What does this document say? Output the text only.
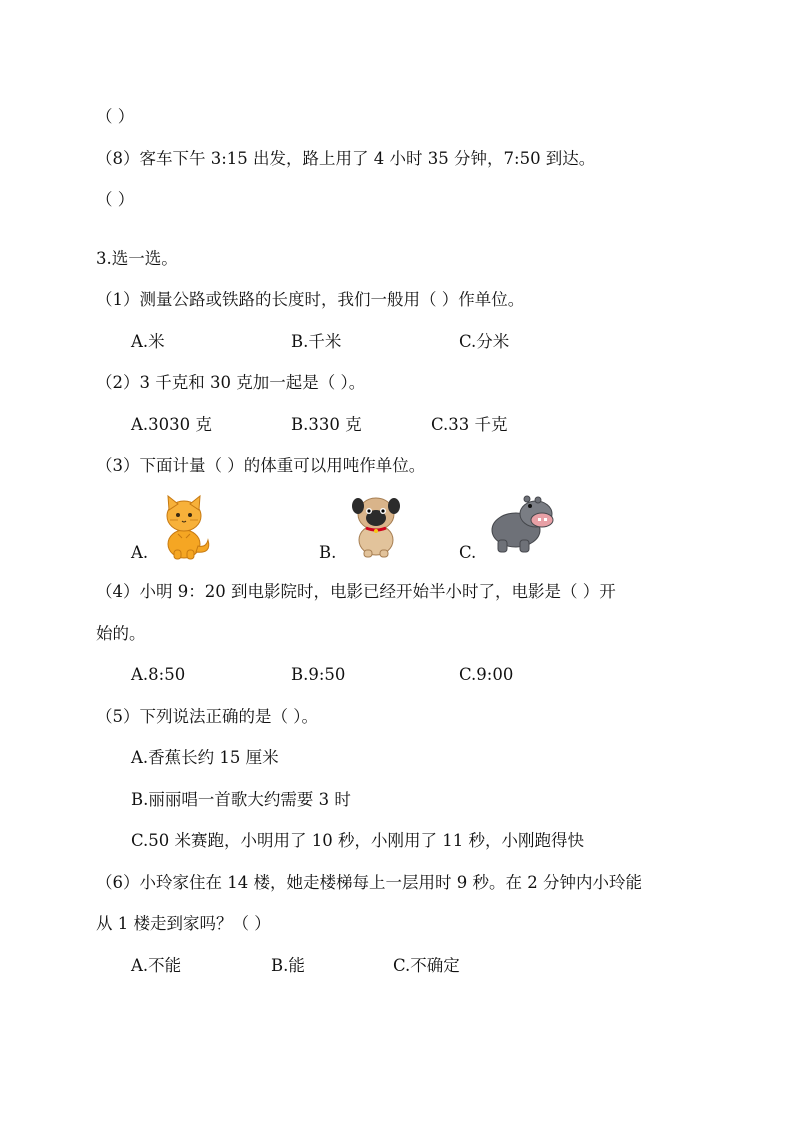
（ ）
（8）客车下午 3:15 出发，路上用了 4 小时 35 分钟，7:50 到达。
（ ）
3.选一选。
（1）测量公路或铁路的长度时，我们一般用（ ）作单位。
A.米	B.千米	C.分米
（2）3 千克和 30 克加一起是（ ）。
A.3030 克	B.330 克	C.33 千克
（3）下面计量（ ）的体重可以用吨作单位。
A.	B.	C.
（4）小明 9：20 到电影院时，电影已经开始半小时了，电影是（ ）开
始的。
A.8:50	B.9:50	C.9:00
（5）下列说法正确的是（ ）。
A.香蕉长约 15 厘米
B.丽丽唱一首歌大约需要 3 时
C.50 米赛跑，小明用了 10 秒，小刚用了 11 秒，小刚跑得快
（6）小玲家住在 14 楼，她走楼梯每上一层用时 9 秒。在 2 分钟内小玲能
从 1 楼走到家吗？（ ）
A.不能	B.能	C.不确定
